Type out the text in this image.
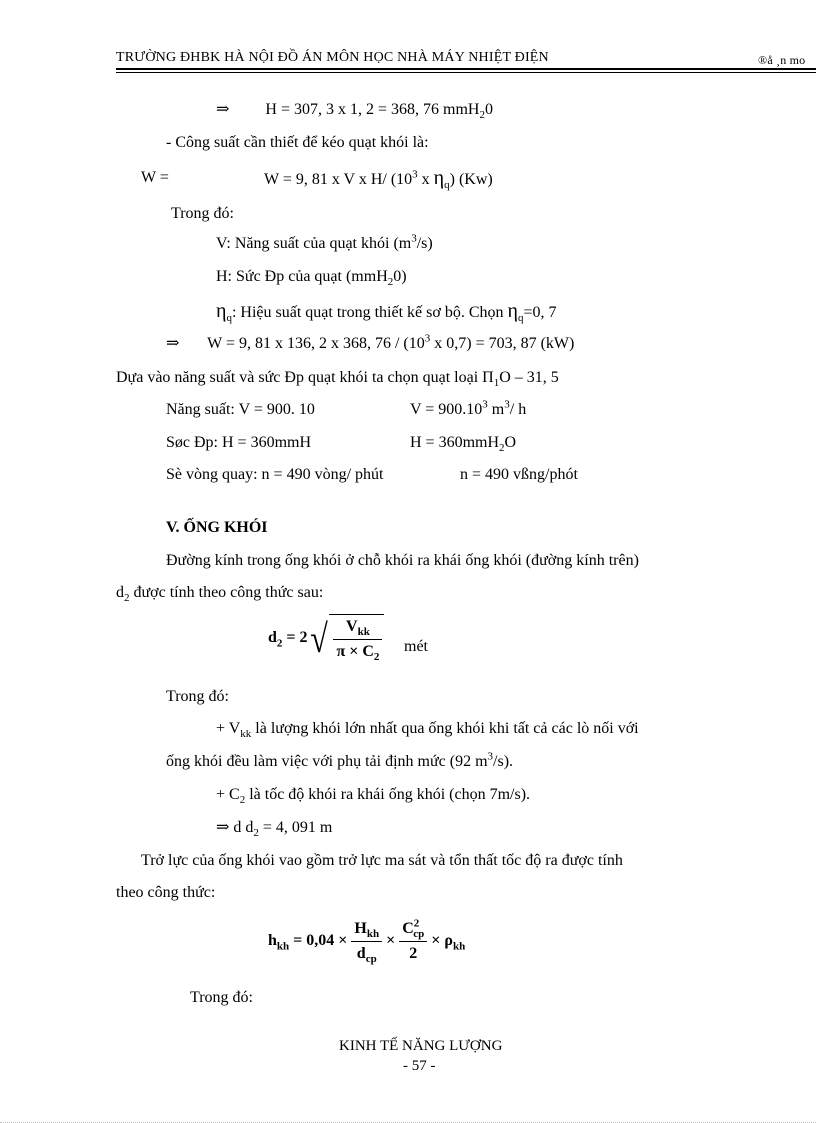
TRƯỜNG ĐHBK HÀ NỘI ĐỒ ÁN MÔN HỌC NHÀ MÁY NHIỆT ĐIỆN	®å ¸n mo
⇒ H = 307, 3 x 1, 2 = 368, 76 mmH$_2$0
- Công suất cần thiết để kéo quạt khói là:
W =	W = 9, 81 x V x H/ ($10^3$ x $\eta_q$) (Kw)
Trong đó:
V: Năng suất của quạt khói $(m^3/s)$
H: Sức Ðp của quạt (mmH$_2$0)
$\eta_q$: Hiệu suất quạt trong thiết kế sơ bộ. Chọn $\eta_q=0$, 7
⇒ W = 9, 81 x 136, 2 x 368, $76 / (10^3$ x 0,7) = 703, 87 (kW)
Dựa vào năng suất và sức Ðp quạt khói ta chọn quạt loại $\Pi_1O - 31$, 5
Năng suất: V = 900. 10	$V = 900.10^3$ $m^3/$ h
Søc Ðp: H = 360mmH	H = 360mmH$_2$O
Sè vòng quay: n = 490 vòng/ phút	n = 490 vßng/phót
V. ỐNG KHÓI
Đường kính trong ống khói ở chỗ khói ra khái ống khói (đường kính trên)
$d_2$ được tính theo công thức sau:
$d_2 = 2√ \frac{V_{kk}}{\pi \times C_2}$ mét
Trong đó:
+ $V_{kk}$ là lượng khói lớn nhất qua ống khói khi tất cả các lò nối với
ống khói đều làm việc với phụ tải định mức (92 $m^3/s$).
+ $C_2$ là tốc độ khói ra khái ống khói (chọn 7m/s).
⇒ d $d_2 = 4$, 091 m
Trở lực của ống khói vao gồm trở lực ma sát và tổn thất tốc độ ra được tính
theo công thức:
$h_{kh} = 0,04 \times \frac{H_{kh}}{d_{cp}} \times \frac{C^2_{cp}}{2} \times \rho_{kh}$
Trong đó:
KINH TẾ NĂNG LƯỢNG
- 57 -
